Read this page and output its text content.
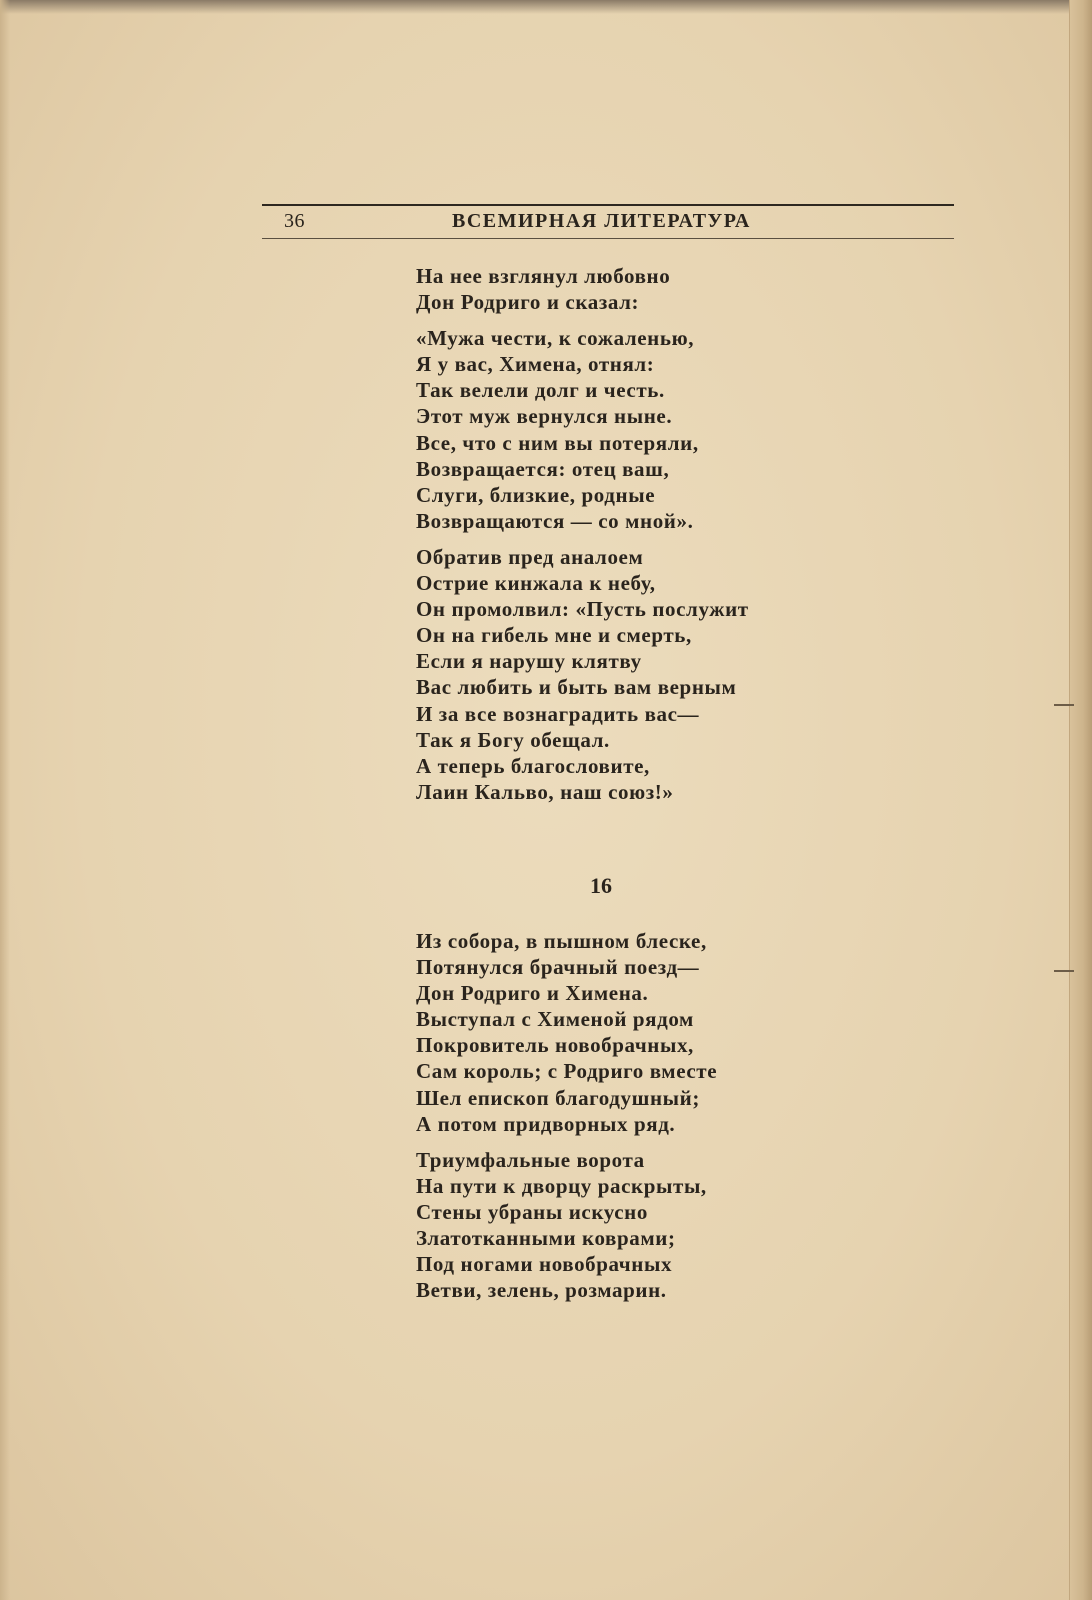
36	ВСЕМИРНАЯ ЛИТЕРАТУРА
На нее взглянул любовно
Дон Родриго и сказал:
«Мужа чести, к сожаленью,
Я у вас, Химена, отнял:
Так велели долг и честь.
Этот муж вернулся ныне.
Все, что с ним вы потеряли,
Возвращается: отец ваш,
Слуги, близкие, родные
Возвращаются — со мной».
Обратив пред аналоем
Острие кинжала к небу,
Он промолвил: «Пусть послужит
Он на гибель мне и смерть,
Если я нарушу клятву
Вас любить и быть вам верным
И за все вознаградить вас—
Так я Богу обещал.
А теперь благословите,
Лаин Кальво, наш союз!»
16
Из собора, в пышном блеске,
Потянулся брачный поезд—
Дон Родриго и Химена.
Выступал с Хименой рядом
Покровитель новобрачных,
Сам король; с Родриго вместе
Шел епископ благодушный;
А потом придворных ряд.
Триумфальные ворота
На пути к дворцу раскрыты,
Стены убраны искусно
Златотканными коврами;
Под ногами новобрачных
Ветви, зелень, розмарин.
